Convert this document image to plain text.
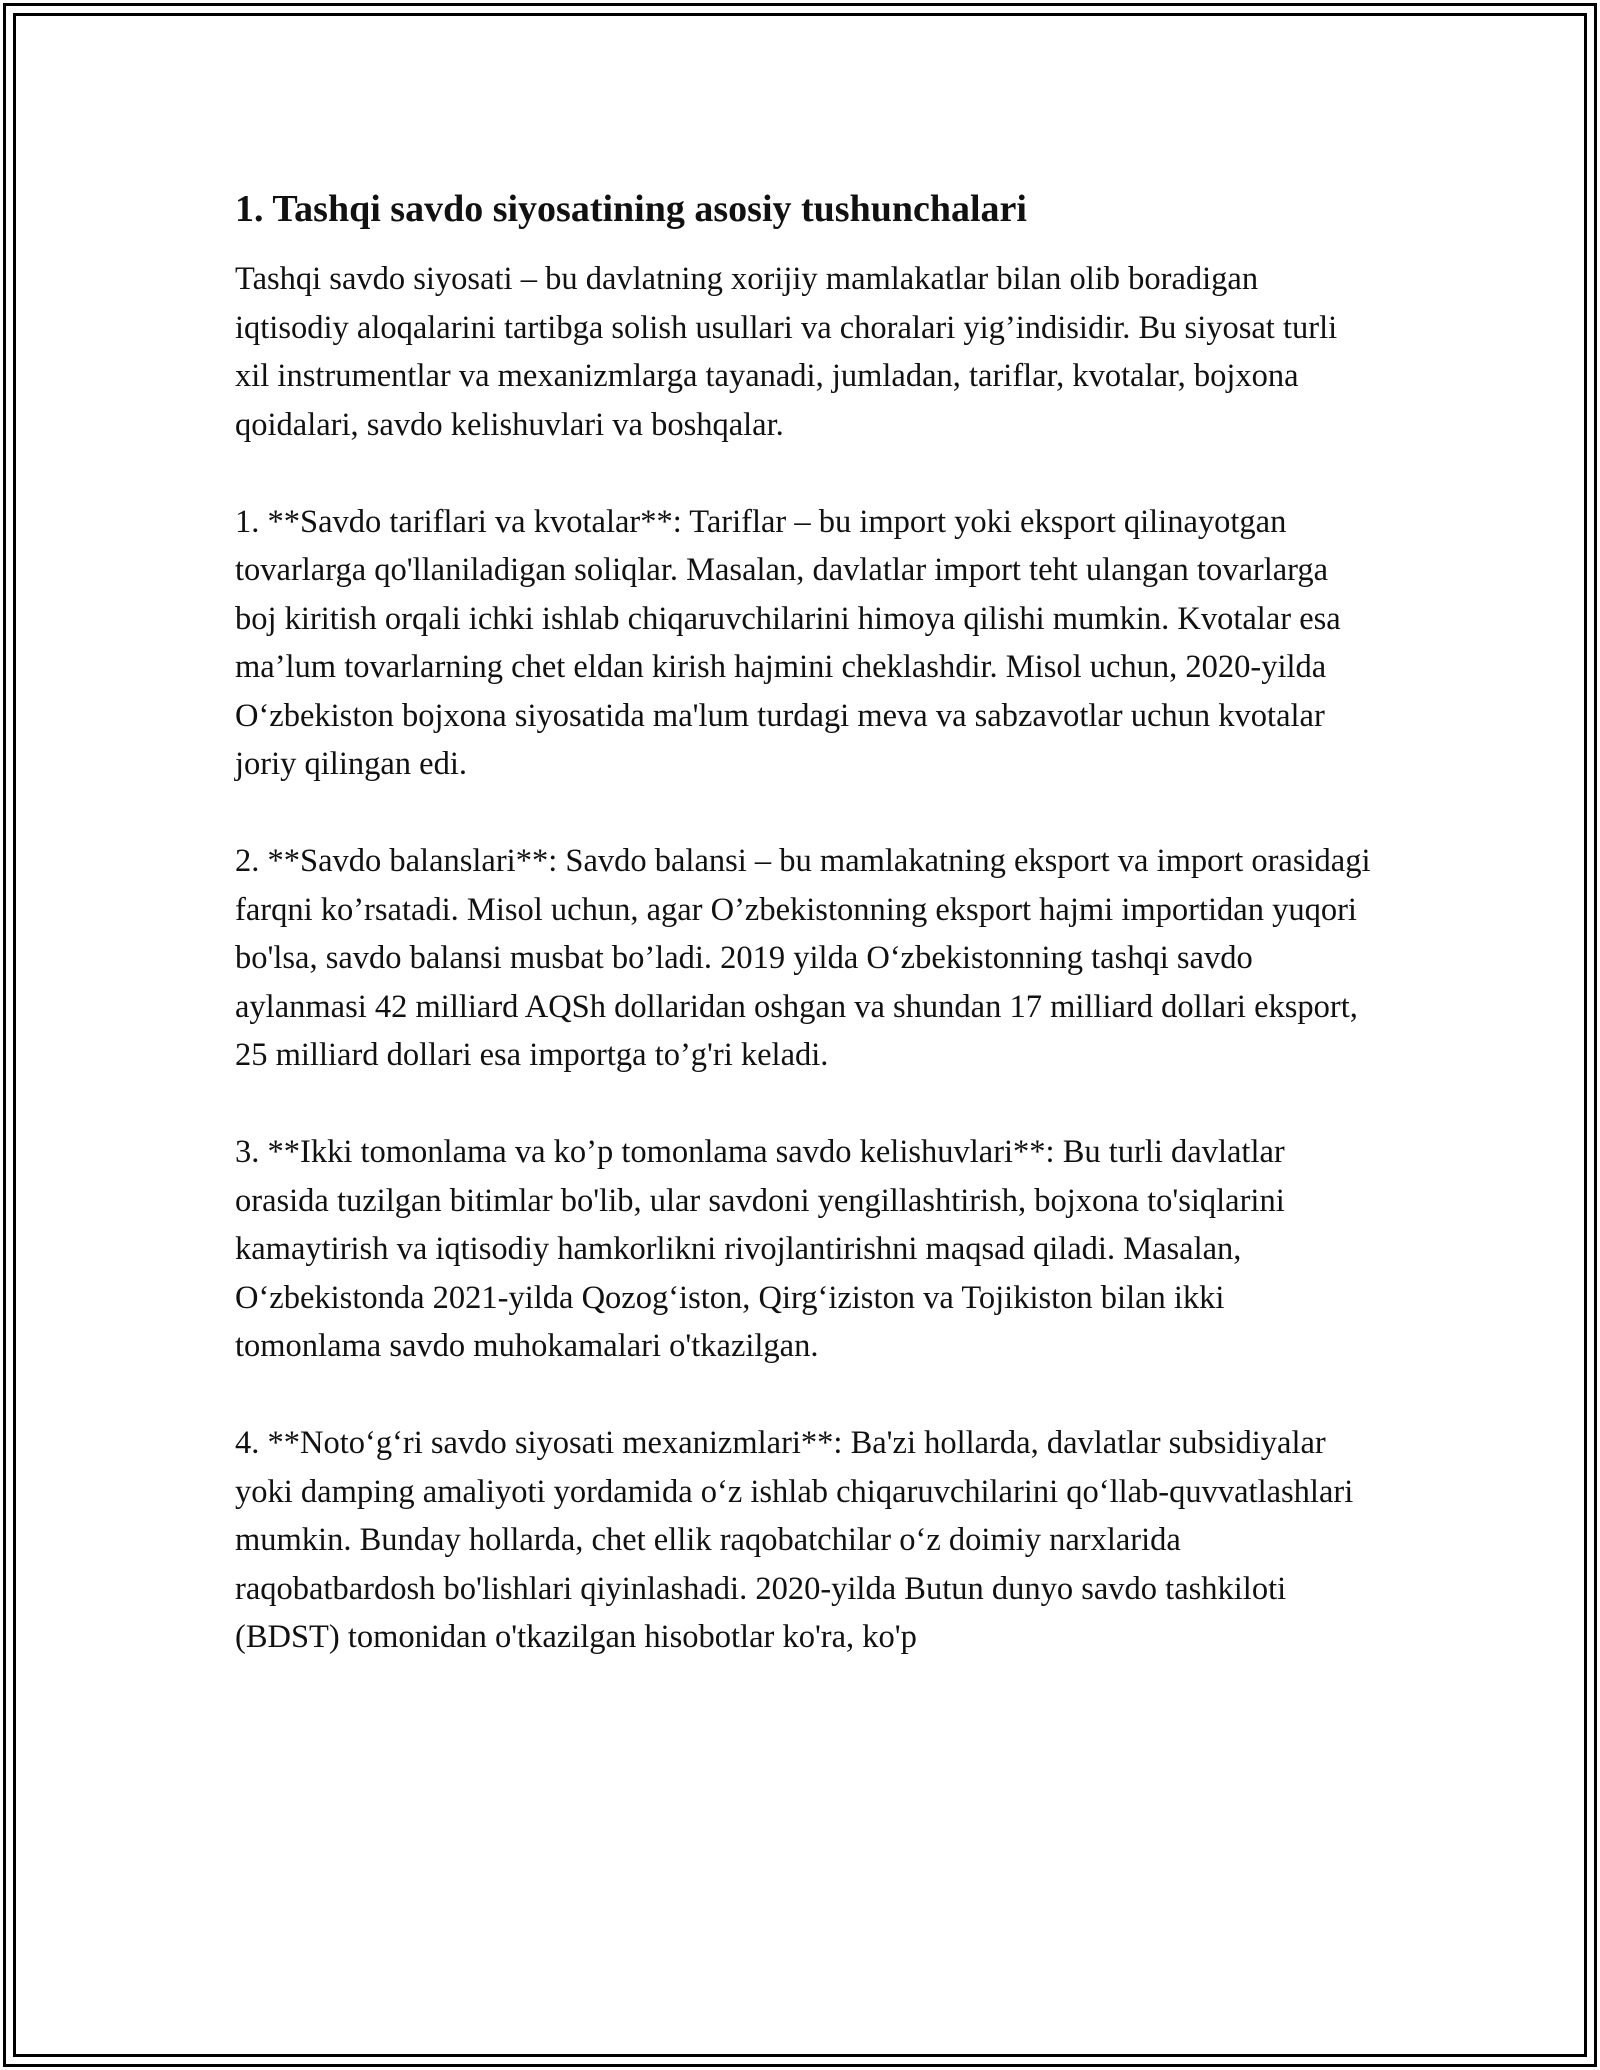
1. Tashqi savdo siyosatining asosiy tushunchalari

Tashqi savdo siyosati – bu davlatning xorijiy mamlakatlar bilan olib boradigan iqtisodiy aloqalarini tartibga solish usullari va choralari yig’indisidir. Bu siyosat turli xil instrumentlar va mexanizmlarga tayanadi, jumladan, tariflar, kvotalar, bojxona qoidalari, savdo kelishuvlari va boshqalar.

1. **Savdo tariflari va kvotalar**: Tariflar – bu import yoki eksport qilinayotgan tovarlarga qo'llaniladigan soliqlar. Masalan, davlatlar import teht ulangan tovarlarga boj kiritish orqali ichki ishlab chiqaruvchilarini himoya qilishi mumkin. Kvotalar esa ma’lum tovarlarning chet eldan kirish hajmini cheklashdir. Misol uchun, 2020-yilda O‘zbekiston bojxona siyosatida ma'lum turdagi meva va sabzavotlar uchun kvotalar joriy qilingan edi.

2. **Savdo balanslari**: Savdo balansi – bu mamlakatning eksport va import orasidagi farqni ko’rsatadi. Misol uchun, agar O’zbekistonning eksport hajmi importidan yuqori bo'lsa, savdo balansi musbat bo’ladi. 2019 yilda O‘zbekistonning tashqi savdo aylanmasi 42 milliard AQSh dollaridan oshgan va shundan 17 milliard dollari eksport, 25 milliard dollari esa importga to’g'ri keladi.

3. **Ikki tomonlama va ko’p tomonlama savdo kelishuvlari**: Bu turli davlatlar orasida tuzilgan bitimlar bo'lib, ular savdoni yengillashtirish, bojxona to'siqlarini kamaytirish va iqtisodiy hamkorlikni rivojlantirishni maqsad qiladi. Masalan, O‘zbekistonda 2021-yilda Qozog‘iston, Qirg‘iziston va Tojikiston bilan ikki tomonlama savdo muhokamalari o'tkazilgan.

4. **Noto‘g‘ri savdo siyosati mexanizmlari**: Ba'zi hollarda, davlatlar subsidiyalar yoki damping amaliyoti yordamida o‘z ishlab chiqaruvchilarini qo‘llab-quvvatlashlari mumkin. Bunday hollarda, chet ellik raqobatchilar o‘z doimiy narxlarida raqobatbardosh bo'lishlari qiyinlashadi. 2020-yilda Butun dunyo savdo tashkiloti (BDST) tomonidan o'tkazilgan hisobotlar ko'ra, ko'p
